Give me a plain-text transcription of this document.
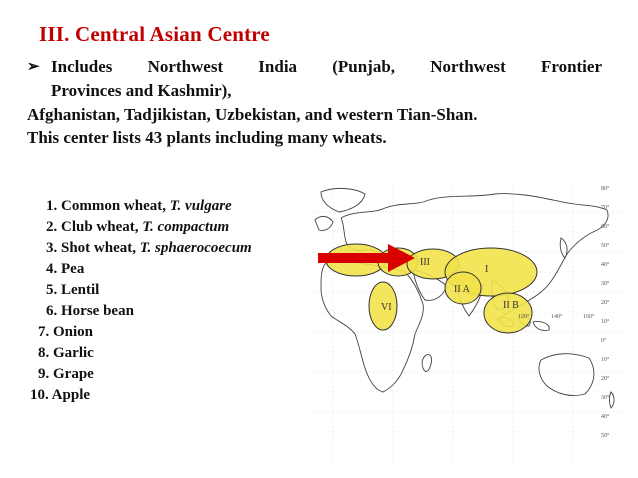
III. Central Asian Centre
➢ Includes Northwest India (Punjab, Northwest Frontier
Provinces and Kashmir),
Afghanistan, Tadjikistan, Uzbekistan, and western Tian-Shan.
This center lists 43 plants including many wheats.
III
I
II A
II B
VI
80°
70°
60°
50°
40°
30°
20°
10°
0°
10°
20°
30°
40°
50°
120°	140°	160°
1. Common wheat, T. vulgare
2. Club wheat, T. compactum
3. Shot wheat, T. sphaerocoecum
4. Pea
5. Lentil
6. Horse bean
7. Onion
8. Garlic
9. Grape
10. Apple
